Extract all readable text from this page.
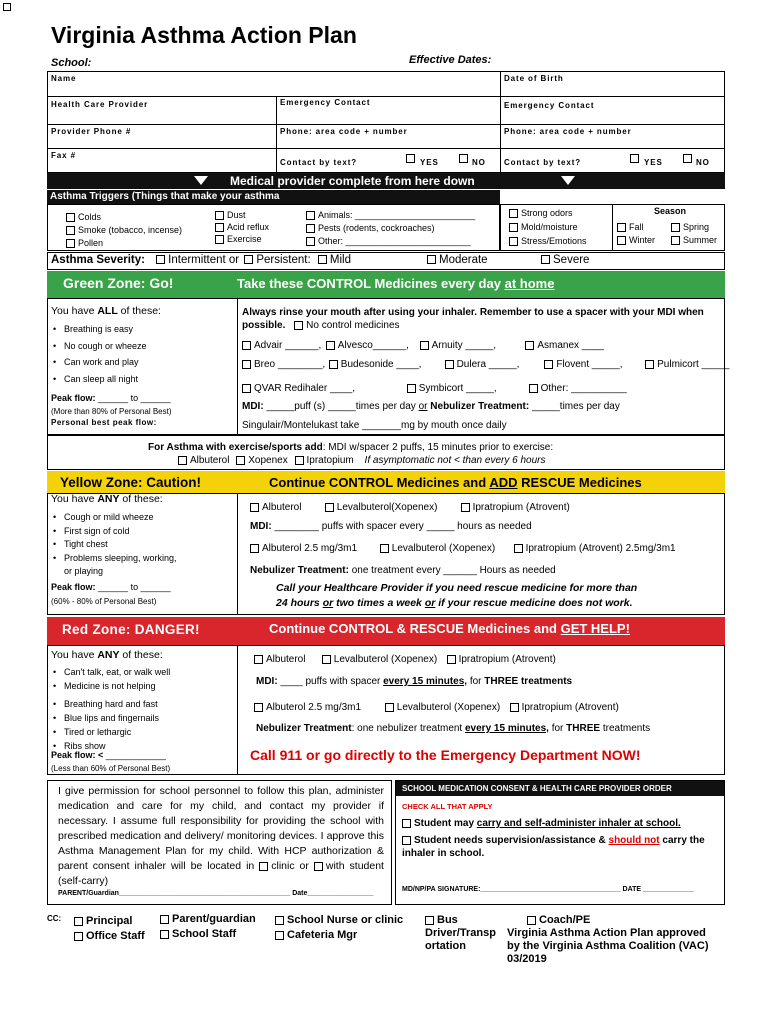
Virginia Asthma Action Plan
School:	Effective Dates:
Name	Date of Birth
Health Care Provider	Emergency Contact	Emergency Contact
Provider Phone #	Phone: area code + number	Phone: area code + number
Fax #
Contact by text?	YES	NO Contact by text?	YES	NO
Medical provider complete from here down
Asthma Triggers (Things that make your asthma
Colds
Smoke (tobacco, incense)
Pollen
Dust
Acid reflux
Exercise
Animals: ________________________
Pests (rodents, cockroaches)
Other: _________________________
Strong odors
Mold/moisture
Stress/Emotions
Season
Fall	Spring
Winter	Summer
Asthma Severity: Intermittent or Persistent: Mild	Moderate	Severe
Green Zone: Go!	Take these CONTROL Medicines every day at home
You have ALL of these:
• Breathing is easy
• No cough or wheeze
• Can work and play
• Can sleep all night
Peak flow: ______ to ______
(More than 80% of Personal Best)
Personal best peak flow:
Always rinse your mouth after using your inhaler. Remember to use a spacer with your MDI when possible. No control medicines
Advair ______, Alvesco______, Arnuity _____,	Asmanex ____
Breo ________, Budesonide ____,	Dulera _____,	Flovent _____,	Pulmicort _____
QVAR Redihaler ____,	Symbicort _____,	Other: __________
MDI: _____puff (s) _____times per day or Nebulizer Treatment: _____times per day
Singulair/Montelukast take _______mg by mouth once daily
For Asthma with exercise/sports add: MDI w/spacer 2 puffs, 15 minutes prior to exercise:
Albuterol Xopenex Ipratopium If asymptomatic not < than every 6 hours
Yellow Zone: Caution!	Continue CONTROL Medicines and ADD RESCUE Medicines
You have ANY of these:
• Cough or mild wheeze
• First sign of cold
• Tight chest
• Problems sleeping, working, or playing
Peak flow: ______ to ______
(60% - 80% of Personal Best)
Albuterol	Levalbuterol(Xopenex)	Ipratropium (Atrovent)
MDI: ________ puffs with spacer every _____ hours as needed
Albuterol 2.5 mg/3m1	Levalbuterol (Xopenex)	Ipratropium (Atrovent) 2.5mg/3m1
Nebulizer Treatment: one treatment every ______ Hours as needed
Call your Healthcare Provider if you need rescue medicine for more than
24 hours or two times a week or if your rescue medicine does not work.
Red Zone: DANGER!	Continue CONTROL & RESCUE Medicines and GET HELP!
You have ANY of these:
• Can't talk, eat, or walk well
• Medicine is not helping
• Breathing hard and fast
• Blue lips and fingernails
• Tired or lethargic
• Ribs show
Peak flow: < ____________
(Less than 60% of Personal Best)
Albuterol	Levalbuterol (Xopenex) Ipratropium (Atrovent)
MDI: ____ puffs with spacer every 15 minutes, for THREE treatments
Albuterol 2.5 mg/3m1	Levalbuterol (Xopenex) Ipratropium (Atrovent)
Nebulizer Treatment: one nebulizer treatment every 15 minutes, for THREE treatments
Call 911 or go directly to the Emergency Department NOW!
I give permission for school personnel to follow this plan, administer medication and care for my child, and contact my provider if necessary. I assume full responsibility for providing the school with prescribed medication and delivery/ monitoring devices. I approve this Asthma Management Plan for my child. With HCP authorization & parent consent inhaler will be located in clinic or with student (self-carry)
PARENT/Guardian____________________________________________ Date_________________
SCHOOL MEDICATION CONSENT & HEALTH CARE PROVIDER ORDER
CHECK ALL THAT APPLY
Student may carry and self-administer inhaler at school.
Student needs supervision/assistance & should not carry the inhaler in school.
MD/NP/PA SIGNATURE:____________________________________ DATE _____________
CC:	Principal
Office Staff
Parent/guardian
School Staff
School Nurse or clinic
Cafeteria Mgr
Bus
Driver/Transp
ortation
Coach/PE
Virginia Asthma Action Plan approved
by the Virginia Asthma Coalition (VAC)
03/2019
